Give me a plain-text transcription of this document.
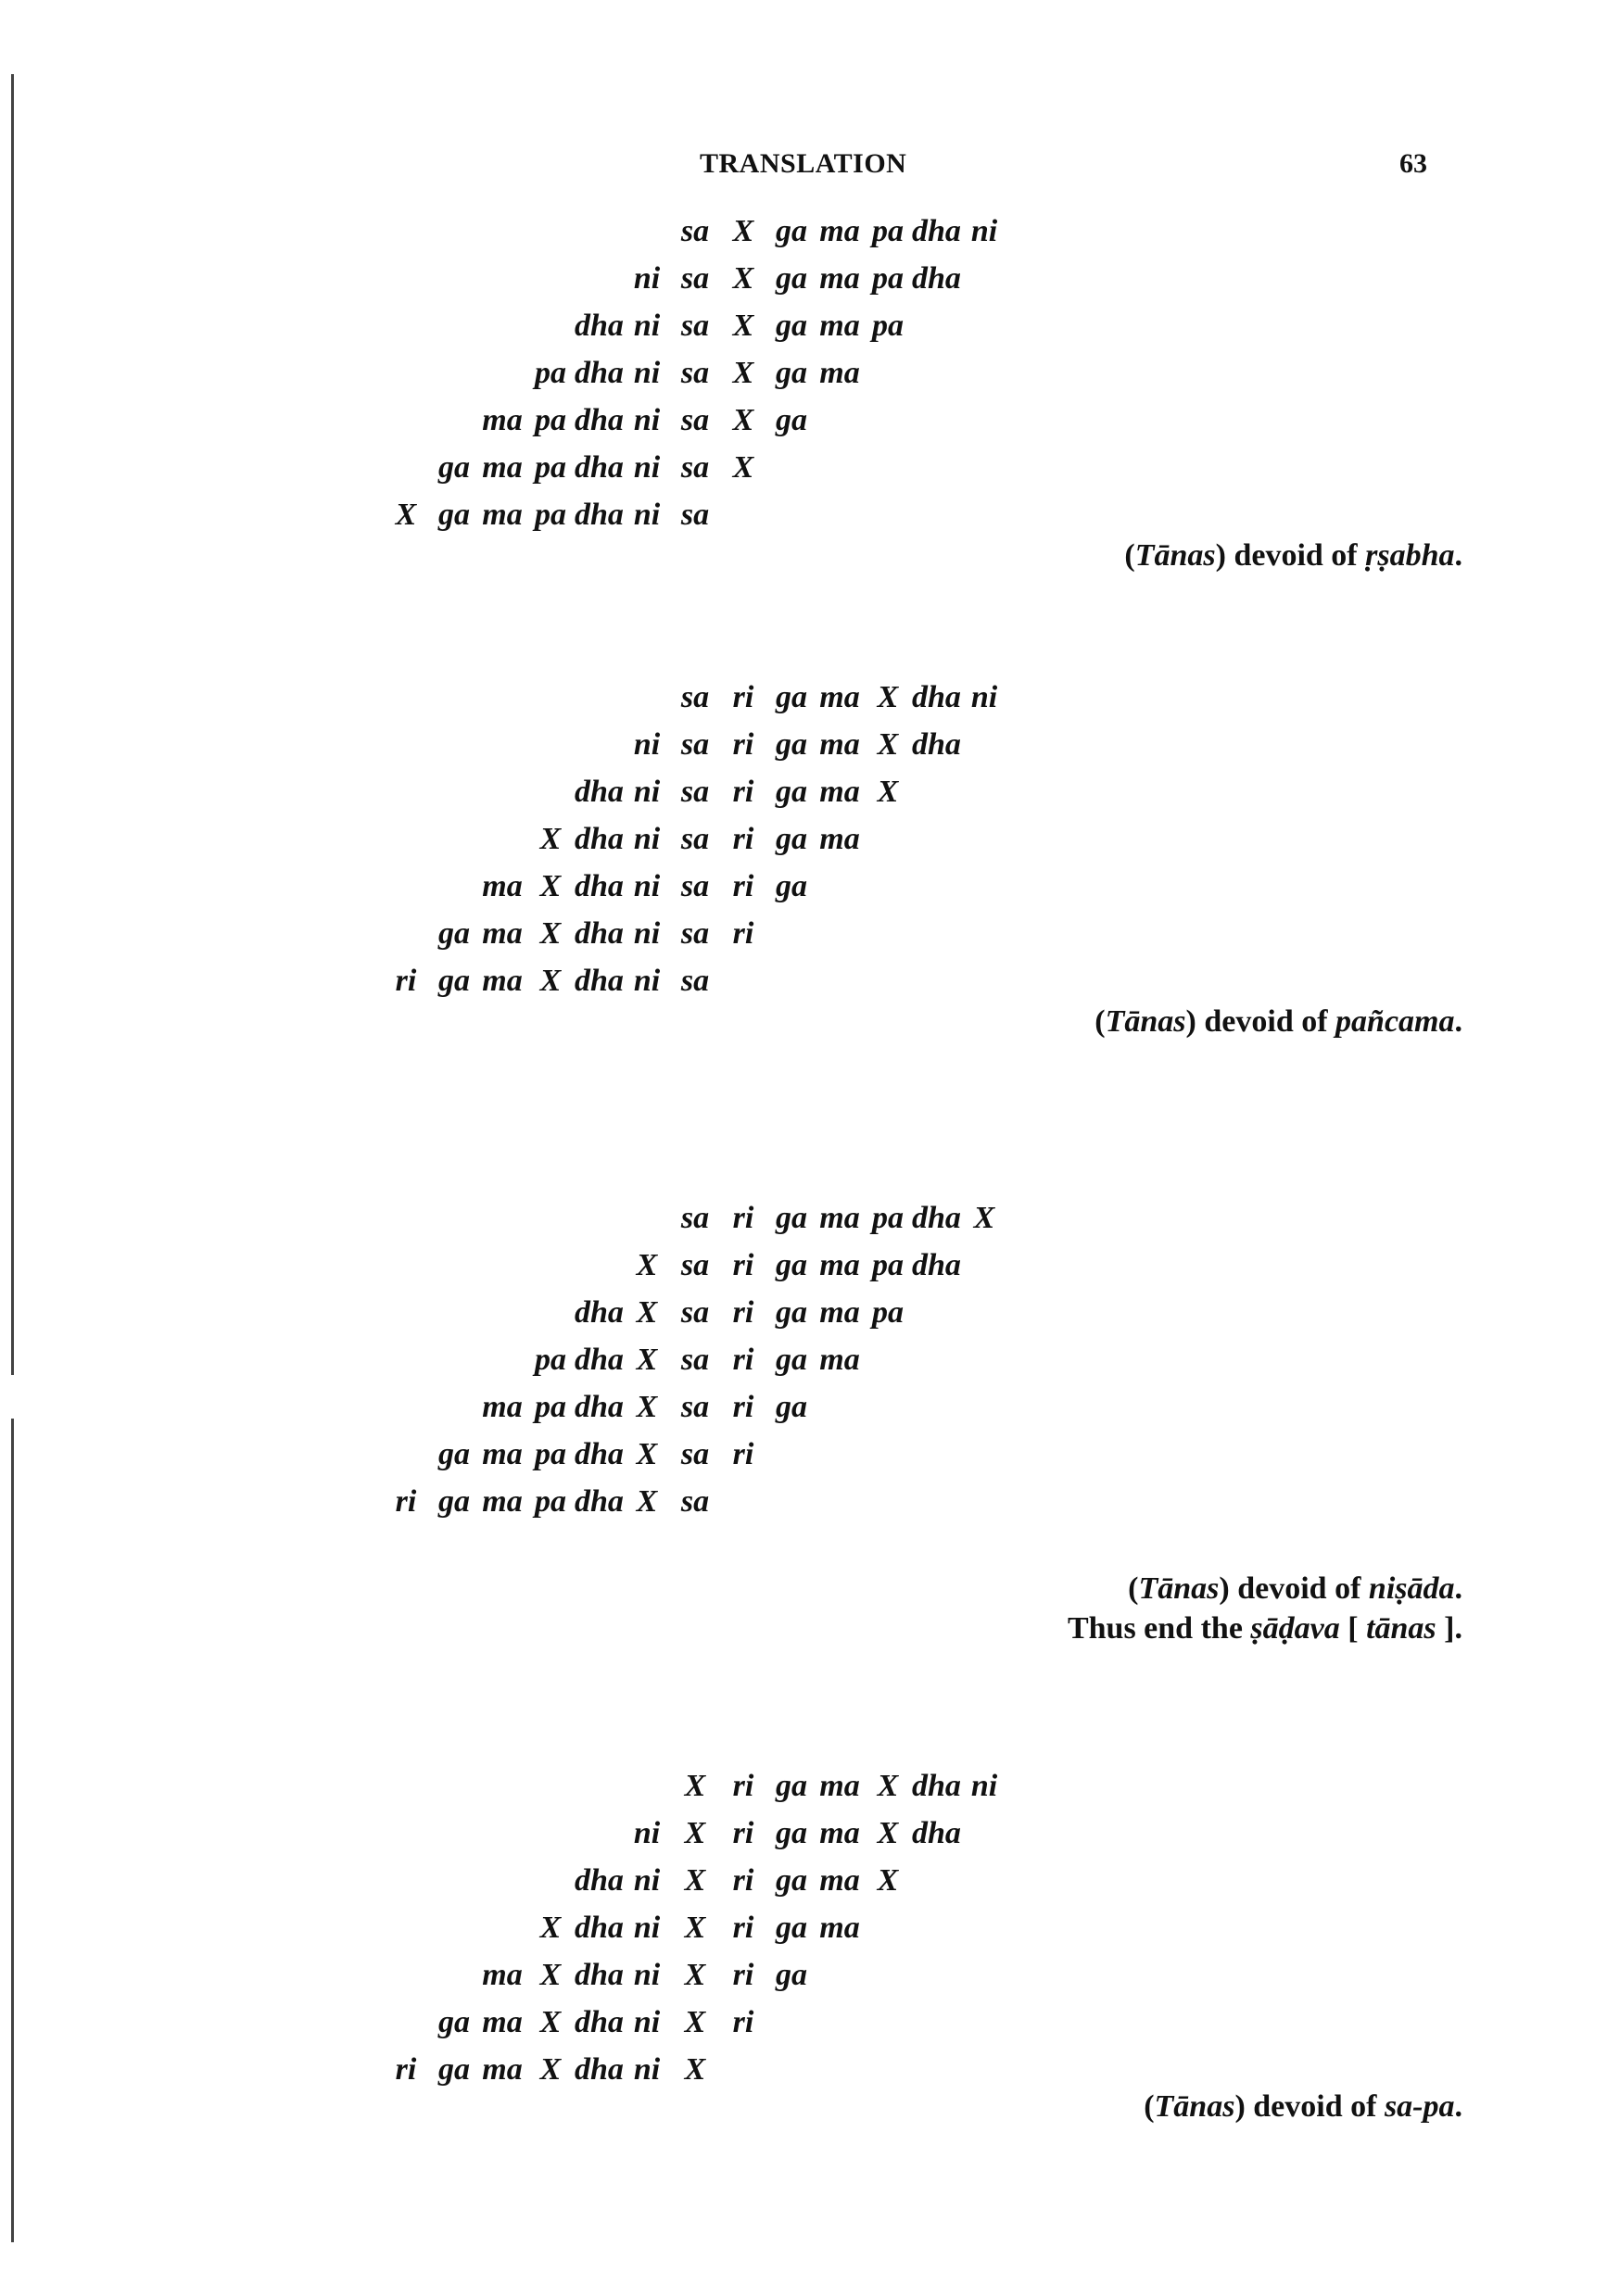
TRANSLATION	63
(Tānas) devoid of ṛṣabha.
sa X ga ma pa dha ni
ni sa X ga ma pa dha
dha ni sa X ga ma pa
pa dha ni sa X ga ma
ma pa dha ni sa X ga
ga ma pa dha ni sa X
X ga ma pa dha ni sa
(Tānas) devoid of pañcama.
sa ri ga ma X dha ni
ni sa ri ga ma X dha
dha ni sa ri ga ma X
X dha ni sa ri ga ma
ma X dha ni sa ri ga
ga ma X dha ni sa ri
ri ga ma X dha ni sa
(Tānas) devoid of niṣāda.
Thus end the ṣāḍava [ tānas ].
sa ri ga ma pa dha X
X sa ri ga ma pa dha
dha X sa ri ga ma pa
pa dha X sa ri ga ma
ma pa dha X sa ri ga
ga ma pa dha X sa ri
ri ga ma pa dha X sa
(Tānas) devoid of sa-pa.
X ri ga ma X dha ni
ni X ri ga ma X dha
dha ni X ri ga ma X
X dha ni X ri ga ma
ma X dha ni X ri ga
ga ma X dha ni X ri
ri ga ma X dha ni X
